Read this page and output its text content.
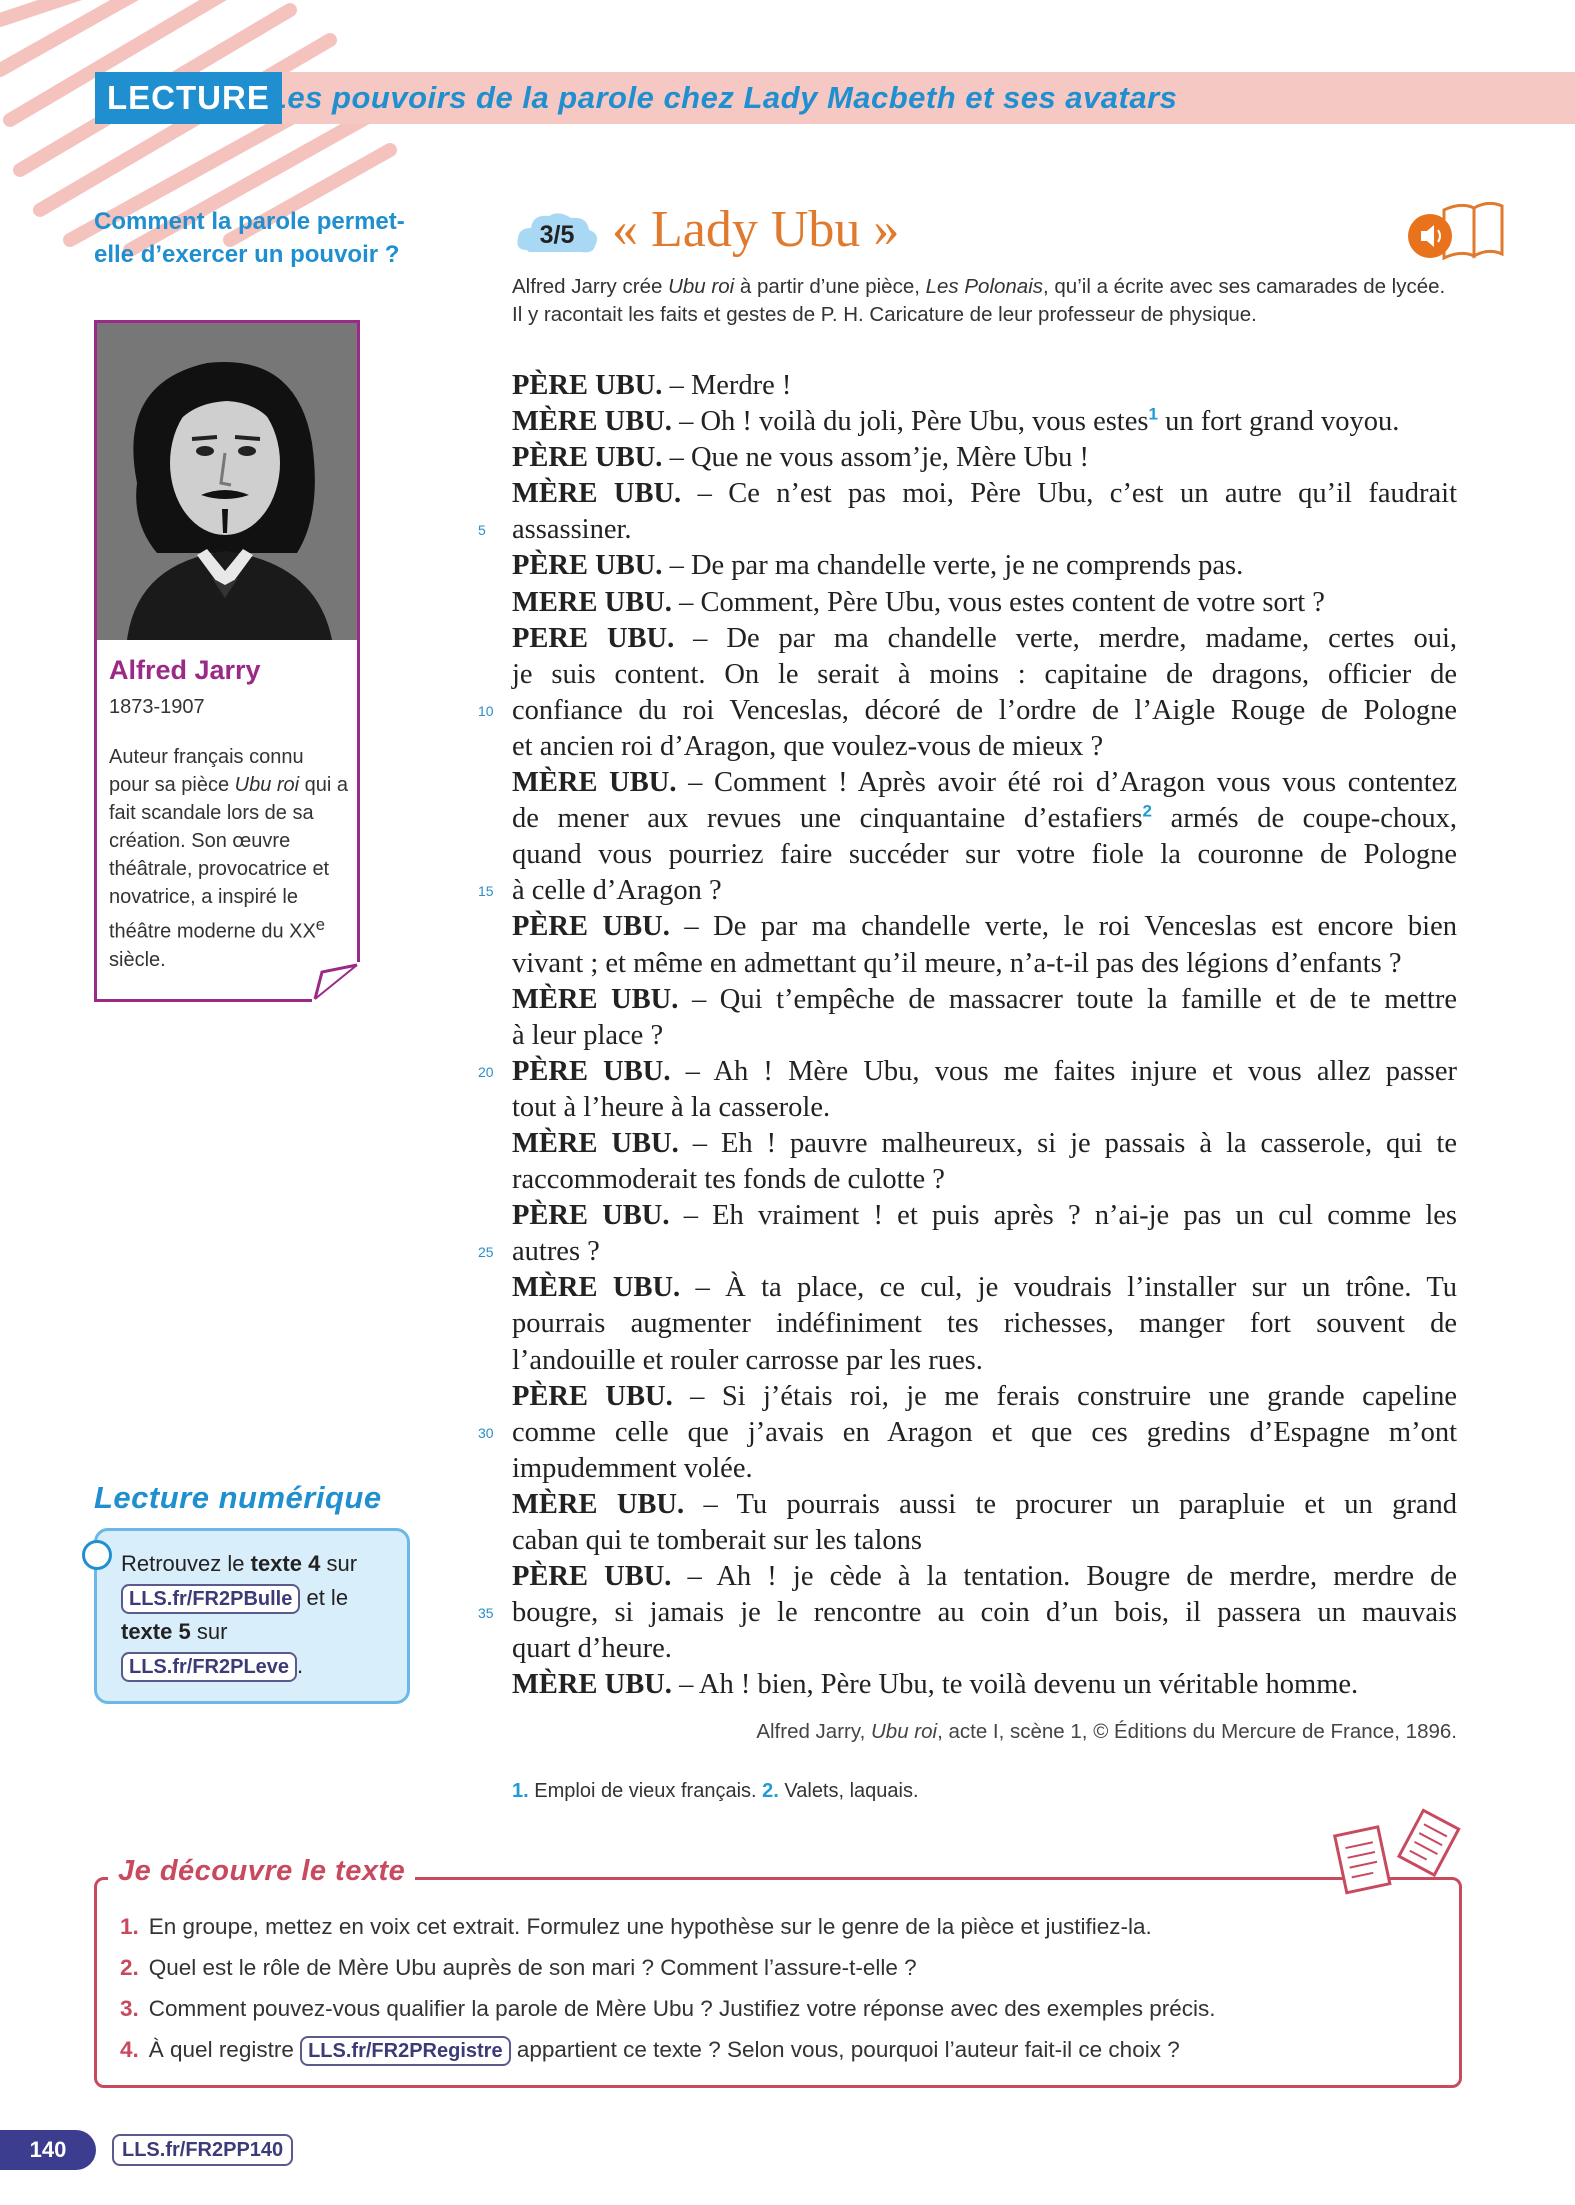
LECTURE
Les pouvoirs de la parole chez Lady Macbeth et ses avatars
Comment la parole permet-elle d’exercer un pouvoir ?
Alfred Jarry
1873-1907

Auteur français connu pour sa pièce Ubu roi qui a fait scandale lors de sa création. Son œuvre théâtrale, provocatrice et novatrice, a inspiré le théâtre moderne du XXe siècle.

Lecture numérique
Retrouvez le texte 4 sur LLS.fr/FR2PBulle et le texte 5 sur LLS.fr/FR2PLeve .
3/5 « Lady Ubu »
Alfred Jarry crée Ubu roi à partir d’une pièce, Les Polonais, qu’il a écrite avec ses camarades de lycée. Il y racontait les faits et gestes de P. H. Caricature de leur professeur de physique.
PÈRE UBU. – Merdre !
MÈRE UBU. – Oh ! voilà du joli, Père Ubu, vous estes$^1$ un fort grand voyou.
PÈRE UBU. – Que ne vous assom’je, Mère Ubu !
MÈRE UBU. – Ce n’est pas moi, Père Ubu, c’est un autre qu’il faudrait
5 assassiner.
PÈRE UBU. – De par ma chandelle verte, je ne comprends pas.
MERE UBU. – Comment, Père Ubu, vous estes content de votre sort ?
PERE UBU. – De par ma chandelle verte, merdre, madame, certes oui,
je suis content. On le serait à moins : capitaine de dragons, officier de
10 confiance du roi Venceslas, décoré de l’ordre de l’Aigle Rouge de Pologne
et ancien roi d’Aragon, que voulez-vous de mieux ?
MÈRE UBU. – Comment ! Après avoir été roi d’Aragon vous vous contentez
de mener aux revues une cinquantaine d’estafiers$^2$ armés de coupe-choux,
quand vous pourriez faire succéder sur votre fiole la couronne de Pologne
15 à celle d’Aragon ?
PÈRE UBU. – De par ma chandelle verte, le roi Venceslas est encore bien
vivant ; et même en admettant qu’il meure, n’a-t-il pas des légions d’enfants ?
MÈRE UBU. – Qui t’empêche de massacrer toute la famille et de te mettre
à leur place ?
20 PÈRE UBU. – Ah ! Mère Ubu, vous me faites injure et vous allez passer
tout à l’heure à la casserole.
MÈRE UBU. – Eh ! pauvre malheureux, si je passais à la casserole, qui te
raccommoderait tes fonds de culotte ?
PÈRE UBU. – Eh vraiment ! et puis après ? n’ai-je pas un cul comme les
25 autres ?
MÈRE UBU. – À ta place, ce cul, je voudrais l’installer sur un trône. Tu
pourrais augmenter indéfiniment tes richesses, manger fort souvent de
l’andouille et rouler carrosse par les rues.
PÈRE UBU. – Si j’étais roi, je me ferais construire une grande capeline
30 comme celle que j’avais en Aragon et que ces gredins d’Espagne m’ont
impudemment volée.
MÈRE UBU. – Tu pourrais aussi te procurer un parapluie et un grand
caban qui te tomberait sur les talons
PÈRE UBU. – Ah ! je cède à la tentation. Bougre de merdre, merdre de
35 bougre, si jamais je le rencontre au coin d’un bois, il passera un mauvais
quart d’heure.
MÈRE UBU. – Ah ! bien, Père Ubu, te voilà devenu un véritable homme.
Alfred Jarry, Ubu roi, acte I, scène 1, © Éditions du Mercure de France, 1896.
1. Emploi de vieux français. 2. Valets, laquais.
Je découvre le texte
1. En groupe, mettez en voix cet extrait. Formulez une hypothèse sur le genre de la pièce et justifiez-la.
2. Quel est le rôle de Mère Ubu auprès de son mari ? Comment l’assure-t-elle ?
3. Comment pouvez-vous qualifier la parole de Mère Ubu ? Justifiez votre réponse avec des exemples précis.
4. À quel registre LLS.fr/FR2PRegistre appartient ce texte ? Selon vous, pourquoi l’auteur fait-il ce choix ?
140	LLS.fr/FR2PP140
